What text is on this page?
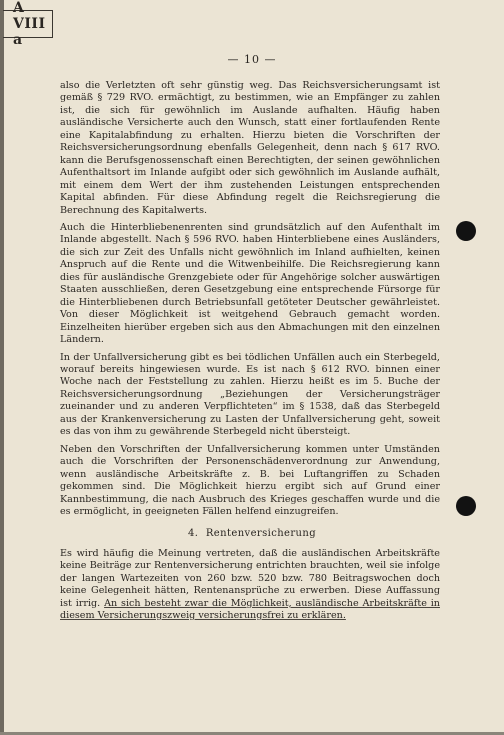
A VIII a
— 10 —

also die Verletzten oft sehr günstig weg. Das Reichsversicherungsamt ist gemäß § 729 RVO. ermächtigt, zu bestimmen, wie an Empfänger zu zahlen ist, die sich für gewöhnlich im Auslande aufhalten. Häufig haben ausländische Versicherte auch den Wunsch, statt einer fortlaufenden Rente eine Kapitalabfindung zu erhalten. Hierzu bieten die Vorschriften der Reichsversicherungsordnung ebenfalls Gelegenheit, denn nach § 617 RVO. kann die Berufsgenossenschaft einen Berechtigten, der seinen gewöhnlichen Aufenthaltsort im Inlande aufgibt oder sich gewöhnlich im Auslande aufhält, mit einem dem Wert der ihm zustehenden Leistungen entsprechenden Kapital abfinden. Für diese Abfindung regelt die Reichsregierung die Berechnung des Kapitalwerts.

Auch die Hinterbliebenenrenten sind grundsätzlich auf den Aufenthalt im Inlande abgestellt. Nach § 596 RVO. haben Hinterbliebene eines Ausländers, die sich zur Zeit des Unfalls nicht gewöhnlich im Inland aufhielten, keinen Anspruch auf die Rente und die Witwenbeihilfe. Die Reichsregierung kann dies für ausländische Grenzgebiete oder für Angehörige solcher auswärtigen Staaten ausschließen, deren Gesetzgebung eine entsprechende Fürsorge für die Hinterbliebenen durch Betriebsunfall getöteter Deutscher gewährleistet. Von dieser Möglichkeit ist weitgehend Gebrauch gemacht worden. Einzelheiten hierüber ergeben sich aus den Abmachungen mit den einzelnen Ländern.

In der Unfallversicherung gibt es bei tödlichen Unfällen auch ein Sterbegeld, worauf bereits hingewiesen wurde. Es ist nach § 612 RVO. binnen einer Woche nach der Feststellung zu zahlen. Hierzu heißt es im 5. Buche der Reichsversicherungsordnung „Beziehungen der Versicherungsträger zueinander und zu anderen Verpflichteten“ im § 1538, daß das Sterbegeld aus der Krankenversicherung zu Lasten der Unfallversicherung geht, soweit es das von ihm zu gewährende Sterbegeld nicht übersteigt.

Neben den Vorschriften der Unfallversicherung kommen unter Umständen auch die Vorschriften der Personenschädenverordnung zur Anwendung, wenn ausländische Arbeitskräfte z. B. bei Luftangriffen zu Schaden gekommen sind. Die Möglichkeit hierzu ergibt sich auf Grund einer Kannbestimmung, die nach Ausbruch des Krieges geschaffen wurde und die es ermöglicht, in geeigneten Fällen helfend einzugreifen.

4. Rentenversicherung

Es wird häufig die Meinung vertreten, daß die ausländischen Arbeitskräfte keine Beiträge zur Rentenversicherung entrichten brauchten, weil sie infolge der langen Wartezeiten von 260 bzw. 520 bzw. 780 Beitragswochen doch keine Gelegenheit hätten, Rentenansprüche zu erwerben. Diese Auffassung ist irrig. An sich besteht zwar die Möglichkeit, ausländische Arbeitskräfte in diesem Versicherungszweig versicherungsfrei zu erklären.
